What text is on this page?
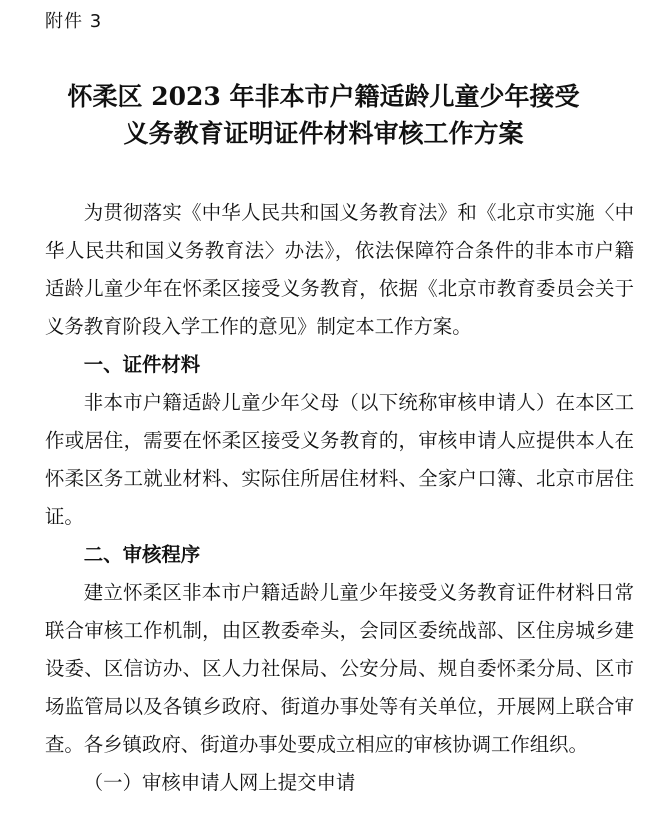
附件 3
怀柔区 2023 年非本市户籍适龄儿童少年接受
义务教育证明证件材料审核工作方案

为贯彻落实《中华人民共和国义务教育法》和《北京市实施〈中华人民共和国义务教育法〉办法》，依法保障符合条件的非本市户籍适龄儿童少年在怀柔区接受义务教育，依据《北京市教育委员会关于义务教育阶段入学工作的意见》制定本工作方案。

一、证件材料

非本市户籍适龄儿童少年父母（以下统称审核申请人）在本区工作或居住，需要在怀柔区接受义务教育的，审核申请人应提供本人在怀柔区务工就业材料、实际住所居住材料、全家户口簿、北京市居住证。

二、审核程序

建立怀柔区非本市户籍适龄儿童少年接受义务教育证件材料日常联合审核工作机制，由区教委牵头，会同区委统战部、区住房城乡建设委、区信访办、区人力社保局、公安分局、规自委怀柔分局、区市场监管局以及各镇乡政府、街道办事处等有关单位，开展网上联合审查。各乡镇政府、街道办事处要成立相应的审核协调工作组织。

（一）审核申请人网上提交申请
